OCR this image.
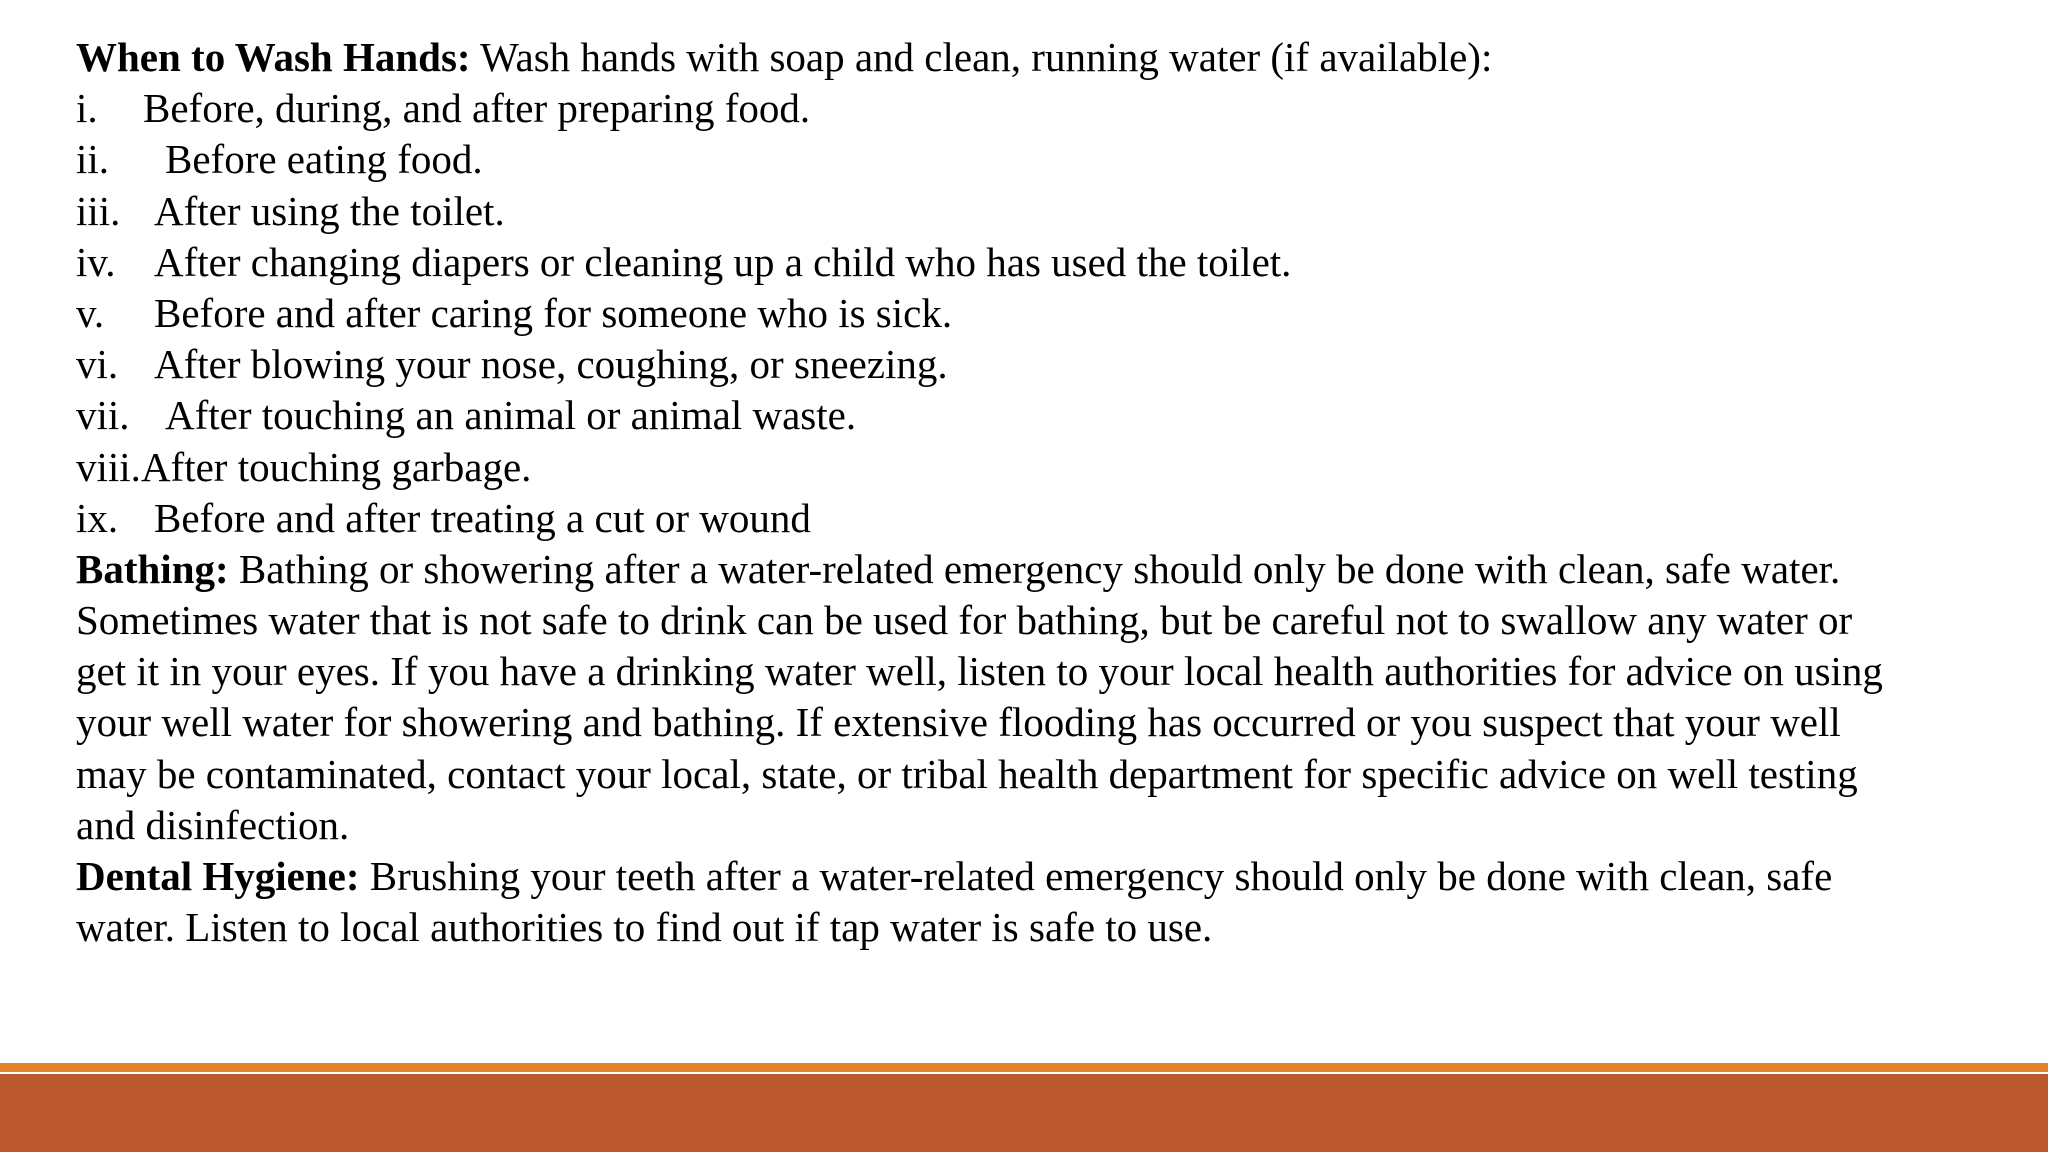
When to Wash Hands: Wash hands with soap and clean, running water (if available):
i. Before, during, and after preparing food.
ii. Before eating food.
iii. After using the toilet.
iv. After changing diapers or cleaning up a child who has used the toilet.
v. Before and after caring for someone who is sick.
vi. After blowing your nose, coughing, or sneezing.
vii. After touching an animal or animal waste.
viii.After touching garbage.
ix. Before and after treating a cut or wound
Bathing: Bathing or showering after a water-related emergency should only be done with clean, safe water.
Sometimes water that is not safe to drink can be used for bathing, but be careful not to swallow any water or
get it in your eyes. If you have a drinking water well, listen to your local health authorities for advice on using
your well water for showering and bathing. If extensive flooding has occurred or you suspect that your well
may be contaminated, contact your local, state, or tribal health department for specific advice on well testing
and disinfection.
Dental Hygiene: Brushing your teeth after a water-related emergency should only be done with clean, safe
water. Listen to local authorities to find out if tap water is safe to use.
